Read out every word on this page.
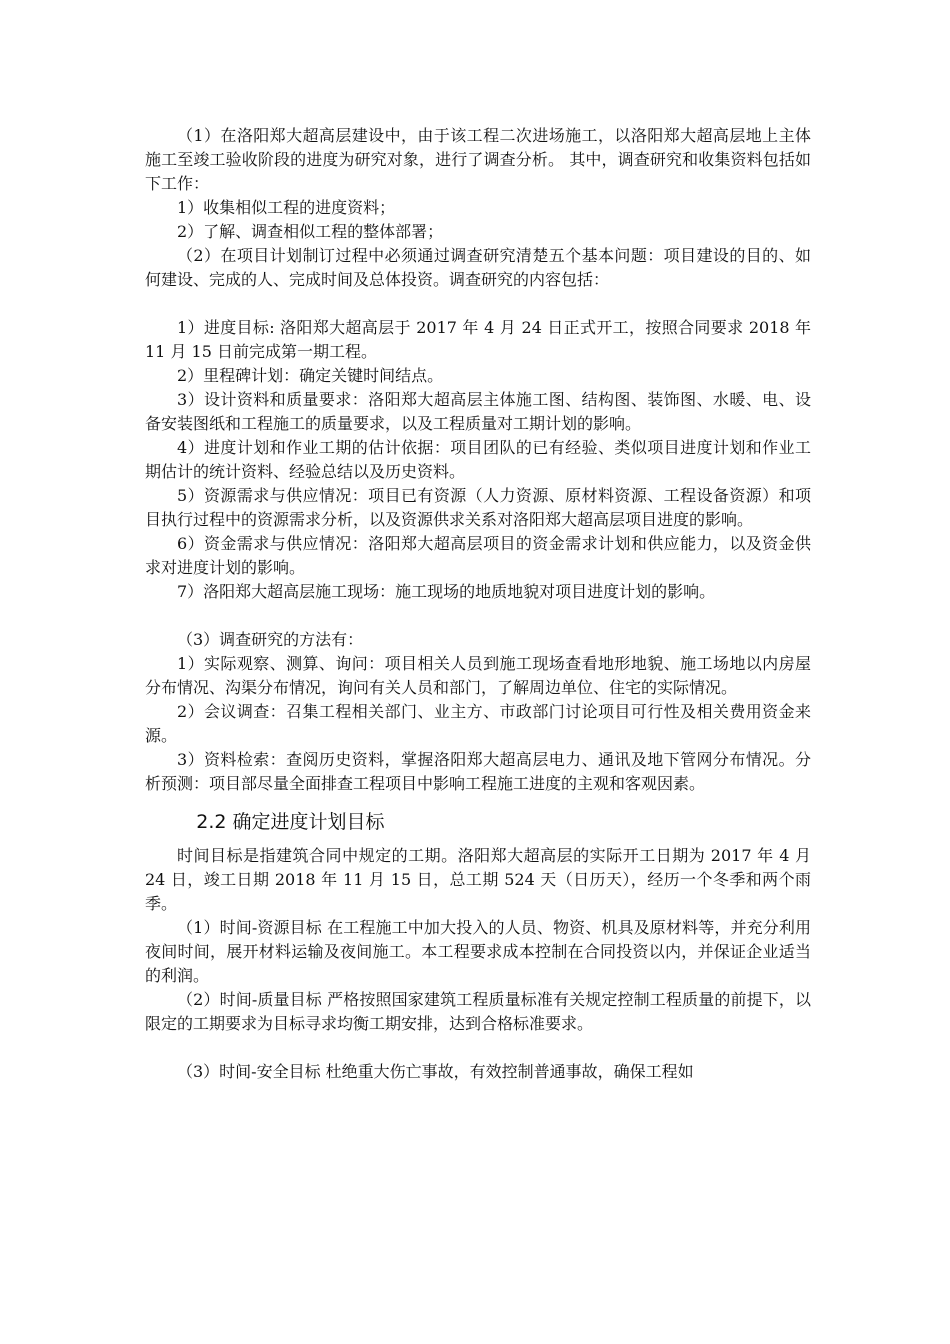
（1）在洛阳郑大超高层建设中，由于该工程二次进场施工，以洛阳郑大超高层地上主体施工至竣工验收阶段的进度为研究对象，进行了调查分析。 其中，调查研究和收集资料包括如下工作：

1）收集相似工程的进度资料；

2）了解、调查相似工程的整体部署；

（2）在项目计划制订过程中必须通过调查研究清楚五个基本问题：项目建设的目的、如何建设、完成的人、完成时间及总体投资。调查研究的内容包括：

1）进度目标: 洛阳郑大超高层于 2017 年 4 月 24 日正式开工，按照合同要求 2018 年 11 月 15 日前完成第一期工程。

2）里程碑计划：确定关键时间结点。

3）设计资料和质量要求：洛阳郑大超高层主体施工图、结构图、装饰图、水暖、电、设备安装图纸和工程施工的质量要求，以及工程质量对工期计划的影响。

4）进度计划和作业工期的估计依据：项目团队的已有经验、类似项目进度计划和作业工期估计的统计资料、经验总结以及历史资料。

5）资源需求与供应情况：项目已有资源（人力资源、原材料资源、工程设备资源）和项目执行过程中的资源需求分析，以及资源供求关系对洛阳郑大超高层项目进度的影响。

6）资金需求与供应情况：洛阳郑大超高层项目的资金需求计划和供应能力，以及资金供求对进度计划的影响。

7）洛阳郑大超高层施工现场：施工现场的地质地貌对项目进度计划的影响。

（3）调查研究的方法有：

1）实际观察、测算、询问：项目相关人员到施工现场查看地形地貌、施工场地以内房屋分布情况、沟渠分布情况，询问有关人员和部门，了解周边单位、住宅的实际情况。

2）会议调查：召集工程相关部门、业主方、市政部门讨论项目可行性及相关费用资金来源。

3）资料检索：查阅历史资料，掌握洛阳郑大超高层电力、通讯及地下管网分布情况。分析预测：项目部尽量全面排查工程项目中影响工程施工进度的主观和客观因素。

2.2 确定进度计划目标

时间目标是指建筑合同中规定的工期。洛阳郑大超高层的实际开工日期为 2017 年 4 月 24 日，竣工日期 2018 年 11 月 15 日，总工期 524 天（日历天），经历一个冬季和两个雨季。

（1）时间-资源目标 在工程施工中加大投入的人员、物资、机具及原材料等，并充分利用夜间时间，展开材料运输及夜间施工。本工程要求成本控制在合同投资以内，并保证企业适当的利润。

（2）时间-质量目标 严格按照国家建筑工程质量标准有关规定控制工程质量的前提下，以限定的工期要求为目标寻求均衡工期安排，达到合格标准要求。

（3）时间-安全目标 杜绝重大伤亡事故，有效控制普通事故，确保工程如
